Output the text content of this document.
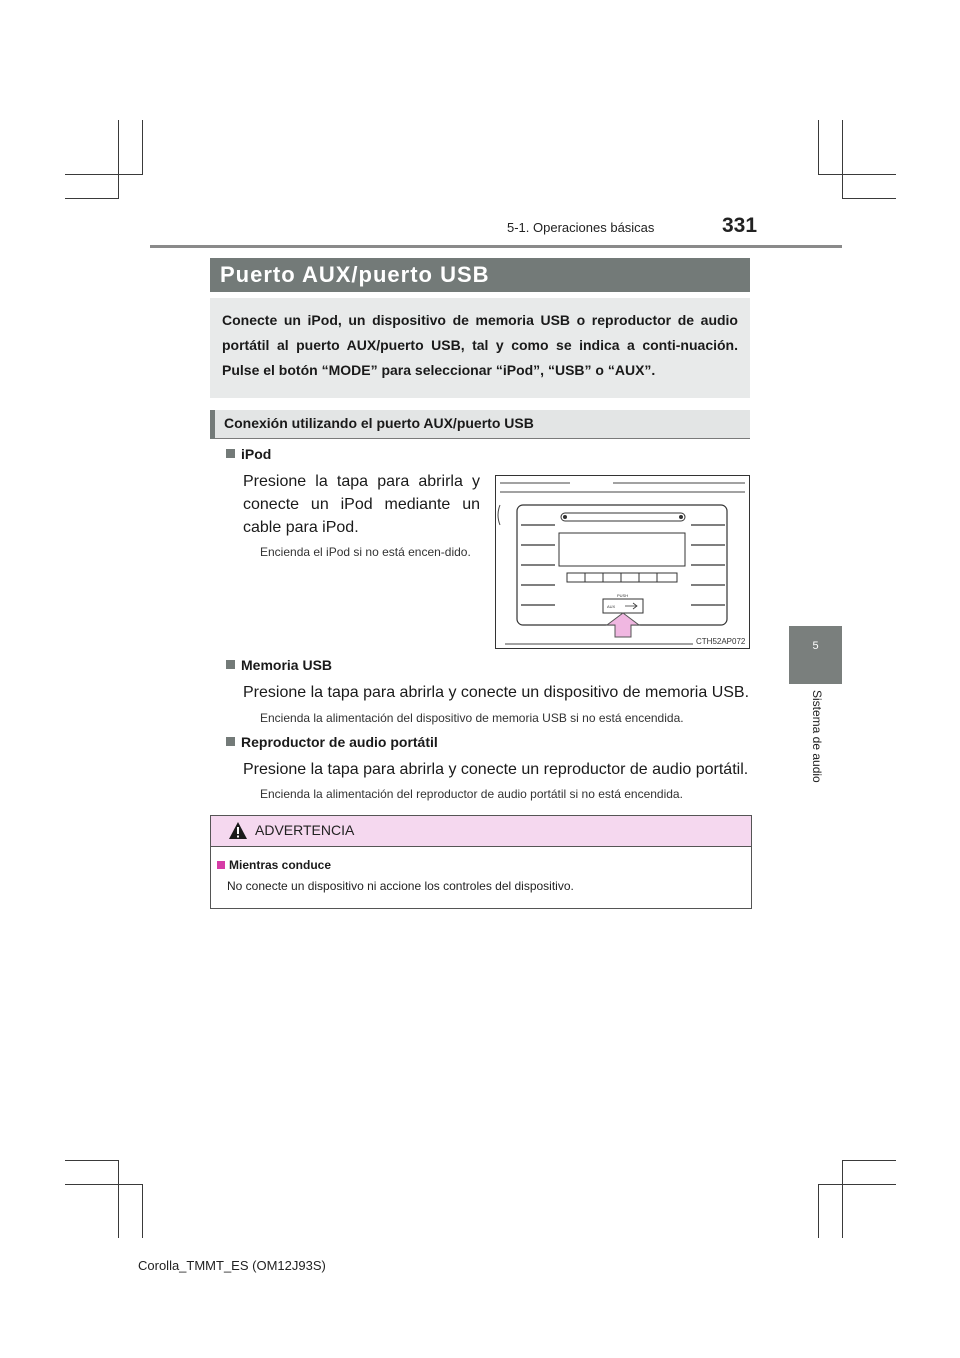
5-1. Operaciones básicas	331
5
Sistema de audio
Puerto AUX/puerto USB
Conecte un iPod, un dispositivo de memoria USB o reproductor de audio portátil al puerto AUX/puerto USB, tal y como se indica a conti-nuación. Pulse el botón “MODE” para seleccionar “iPod”, “USB” o “AUX”.
Conexión utilizando el puerto AUX/puerto USB
iPod
Presione la tapa para abrirla y conecte un iPod mediante un cable para iPod.
Encienda el iPod si no está encen-dido.
PUSH
AUX
CTH52AP072
Memoria USB
Presione la tapa para abrirla y conecte un dispositivo de memoria USB.
Encienda la alimentación del dispositivo de memoria USB si no está encendida.
Reproductor de audio portátil
Presione la tapa para abrirla y conecte un reproductor de audio portátil.
Encienda la alimentación del reproductor de audio portátil si no está encendida.
ADVERTENCIA
Mientras conduce
No conecte un dispositivo ni accione los controles del dispositivo.
Corolla_TMMT_ES (OM12J93S)
